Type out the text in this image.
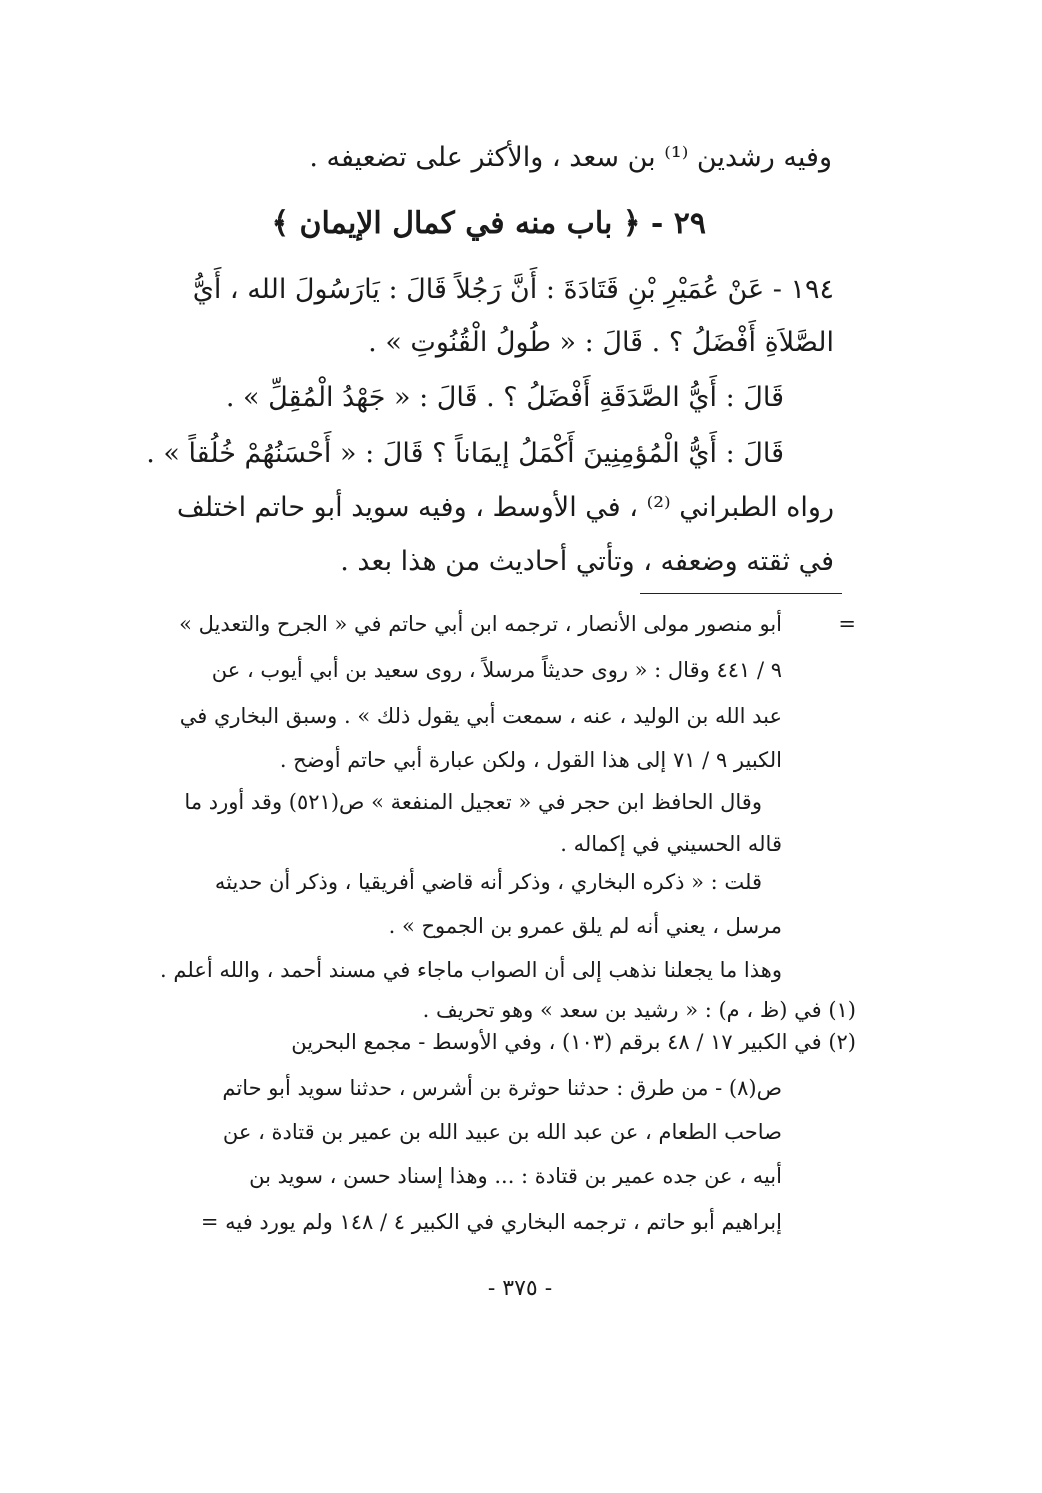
وفيه رشدين ⁽¹⁾ بن سعد ، والأكثر على تضعيفه .
٢٩ - ﴿ باب منه في كمال الإيمان ﴾
١٩٤ - عَنْ عُمَيْرِ بْنِ قَتَادَةَ : أَنَّ رَجُلاً قَالَ : يَارَسُولَ الله ، أَيُّ
الصَّلاَةِ أَفْضَلُ ؟ . قَالَ : « طُولُ الْقُنُوتِ » .
قَالَ : أَيُّ الصَّدَقَةِ أَفْضَلُ ؟ . قَالَ : « جَهْدُ الْمُقِلِّ » .
قَالَ : أَيُّ الْمُؤمِنِينَ أَكْمَلُ إيمَاناً ؟ قَالَ : « أَحْسَنُهُمْ خُلُقاً » .
رواه الطبراني ⁽²⁾ ، في الأوسط ، وفيه سويد أبو حاتم اختلف
في ثقته وضعفه ، وتأتي أحاديث من هذا بعد .
=
أبو منصور مولى الأنصار ، ترجمه ابن أبي حاتم في « الجرح والتعديل »
٩ / ٤٤١ وقال : « روى حديثاً مرسلاً ، روى سعيد بن أبي أيوب ، عن
عبد الله بن الوليد ، عنه ، سمعت أبي يقول ذلك » . وسبق البخاري في
الكبير ٩ / ٧١ إلى هذا القول ، ولكن عبارة أبي حاتم أوضح .
وقال الحافظ ابن حجر في « تعجيل المنفعة » ص(٥٢١) وقد أورد ما
قاله الحسيني في إكماله .
قلت : « ذكره البخاري ، وذكر أنه قاضي أفريقيا ، وذكر أن حديثه
مرسل ، يعني أنه لم يلق عمرو بن الجموح » .
وهذا ما يجعلنا نذهب إلى أن الصواب ماجاء في مسند أحمد ، والله أعلم .
(١) في (ظ ، م) : « رشيد بن سعد » وهو تحريف .
(٢) في الكبير ١٧ / ٤٨ برقم (١٠٣) ، وفي الأوسط - مجمع البحرين
ص(٨) - من طرق : حدثنا حوثرة بن أشرس ، حدثنا سويد أبو حاتم
صاحب الطعام ، عن عبد الله بن عبيد الله بن عمير بن قتادة ، عن
أبيه ، عن جده عمير بن قتادة : ... وهذا إسناد حسن ، سويد بن
إبراهيم أبو حاتم ، ترجمه البخاري في الكبير ٤ / ١٤٨ ولم يورد فيه =
- ٣٧٥ -
